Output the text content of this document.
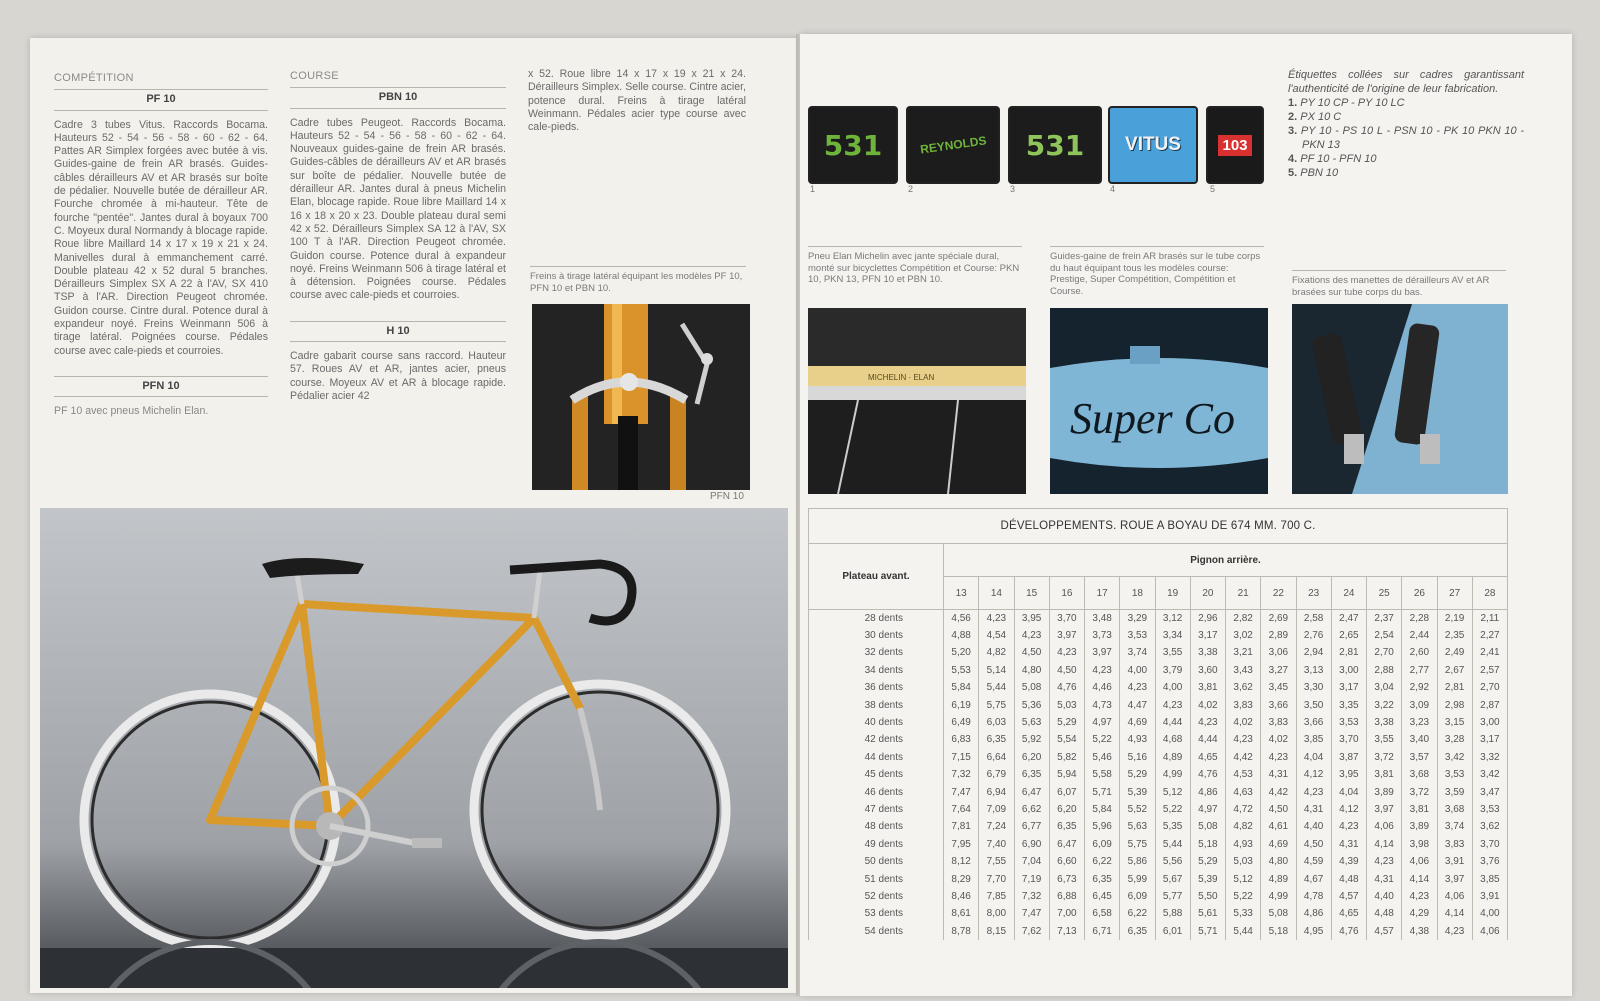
COMPÉTITION
PF 10
Cadre 3 tubes Vitus. Raccords Bocama. Hauteurs 52 - 54 - 56 - 58 - 60 - 62 - 64. Pattes AR Simplex forgées avec butée à vis. Guides-gaine de frein AR brasés. Guides-câbles dérailleurs AV et AR brasés sur boîte de pédalier. Nouvelle butée de dérailleur AR. Fourche chromée à mi-hauteur. Tête de fourche "pentée". Jantes dural à boyaux 700 C. Moyeux dural Normandy à blocage rapide. Roue libre Maillard 14 x 17 x 19 x 21 x 24. Manivelles dural à emmanchement carré. Double plateau 42 x 52 dural 5 branches. Dérailleurs Simplex SX A 22 à l'AV, SX 410 TSP à l'AR. Direction Peugeot chromée. Guidon course. Cintre dural. Potence dural à expandeur noyé. Freins Weinmann 506 à tirage latéral. Poignées course. Pédales course avec cale-pieds et courroies.
PFN 10
PF 10 avec pneus Michelin Elan.
COURSE
PBN 10
Cadre tubes Peugeot. Raccords Bocama. Hauteurs 52 - 54 - 56 - 58 - 60 - 62 - 64. Nouveaux guides-gaine de frein AR brasés. Guides-câbles de dérailleurs AV et AR brasés sur boîte de pédalier. Nouvelle butée de dérailleur AR. Jantes dural à pneus Michelin Elan, blocage rapide. Roue libre Maillard 14 x 16 x 18 x 20 x 23. Double plateau dural semi 42 x 52. Dérailleurs Simplex SA 12 à l'AV, SX 100 T à l'AR. Direction Peugeot chromée. Guidon course. Potence dural à expandeur noyé. Freins Weinmann 506 à tirage latéral et à détension. Poignées course. Pédales course avec cale-pieds et courroies.
H 10
Cadre gabarit course sans raccord. Hauteur 57. Roues AV et AR, jantes acier, pneus course. Moyeux AV et AR à blocage rapide. Pédalier acier 42
x 52. Roue libre 14 x 17 x 19 x 21 x 24. Dérailleurs Simplex. Selle course. Cintre acier, potence dural. Freins à tirage latéral Weinmann. Pédales acier type course avec cale-pieds.
Freins à tirage latéral équipant les modèles PF 10, PFN 10 et PBN 10.
PFN 10
531
1
REYNOLDS
2
531
3
VITUS
4
103
5
Étiquettes collées sur cadres garantissant l'authenticité de l'origine de leur fabrication.
1. PY 10 CP - PY 10 LC
2. PX 10 C
3. PY 10 - PS 10 L - PSN 10 - PK 10 PKN 10 - PKN 13
4. PF 10 - PFN 10
5. PBN 10
Pneu Elan Michelin avec jante spéciale dural, monté sur bicyclettes Compétition et Course: PKN 10, PKN 13, PFN 10 et PBN 10.
Guides-gaine de frein AR brasés sur le tube corps du haut équipant tous les modèles course: Prestige, Super Compétition, Compétition et Course.
Fixations des manettes de dérailleurs AV et AR brasées sur tube corps du bas.
MICHELIN · ELAN
Super Co
DÉVELOPPEMENTS. ROUE A BOYAU DE 674 MM. 700 C.																
Plateau avant.	Pignon arrière.															
	13	14	15	16	17	18	19	20	21	22	23	24	25	26	27	28
28 dents	4,56	4,23	3,95	3,70	3,48	3,29	3,12	2,96	2,82	2,69	2,58	2,47	2,37	2,28	2,19	2,11
30 dents	4,88	4,54	4,23	3,97	3,73	3,53	3,34	3,17	3,02	2,89	2,76	2,65	2,54	2,44	2,35	2,27
32 dents	5,20	4,82	4,50	4,23	3,97	3,74	3,55	3,38	3,21	3,06	2,94	2,81	2,70	2,60	2,49	2,41
34 dents	5,53	5,14	4,80	4,50	4,23	4,00	3,79	3,60	3,43	3,27	3,13	3,00	2,88	2,77	2,67	2,57
36 dents	5,84	5,44	5,08	4,76	4,46	4,23	4,00	3,81	3,62	3,45	3,30	3,17	3,04	2,92	2,81	2,70
38 dents	6,19	5,75	5,36	5,03	4,73	4,47	4,23	4,02	3,83	3,66	3,50	3,35	3,22	3,09	2,98	2,87
40 dents	6,49	6,03	5,63	5,29	4,97	4,69	4,44	4,23	4,02	3,83	3,66	3,53	3,38	3,23	3,15	3,00
42 dents	6,83	6,35	5,92	5,54	5,22	4,93	4,68	4,44	4,23	4,02	3,85	3,70	3,55	3,40	3,28	3,17
44 dents	7,15	6,64	6,20	5,82	5,46	5,16	4,89	4,65	4,42	4,23	4,04	3,87	3,72	3,57	3,42	3,32
45 dents	7,32	6,79	6,35	5,94	5,58	5,29	4,99	4,76	4,53	4,31	4,12	3,95	3,81	3,68	3,53	3,42
46 dents	7,47	6,94	6,47	6,07	5,71	5,39	5,12	4,86	4,63	4,42	4,23	4,04	3,89	3,72	3,59	3,47
47 dents	7,64	7,09	6,62	6,20	5,84	5,52	5,22	4,97	4,72	4,50	4,31	4,12	3,97	3,81	3,68	3,53
48 dents	7,81	7,24	6,77	6,35	5,96	5,63	5,35	5,08	4,82	4,61	4,40	4,23	4,06	3,89	3,74	3,62
49 dents	7,95	7,40	6,90	6,47	6,09	5,75	5,44	5,18	4,93	4,69	4,50	4,31	4,14	3,98	3,83	3,70
50 dents	8,12	7,55	7,04	6,60	6,22	5,86	5,56	5,29	5,03	4,80	4,59	4,39	4,23	4,06	3,91	3,76
51 dents	8,29	7,70	7,19	6,73	6,35	5,99	5,67	5,39	5,12	4,89	4,67	4,48	4,31	4,14	3,97	3,85
52 dents	8,46	7,85	7,32	6,88	6,45	6,09	5,77	5,50	5,22	4,99	4,78	4,57	4,40	4,23	4,06	3,91
53 dents	8,61	8,00	7,47	7,00	6,58	6,22	5,88	5,61	5,33	5,08	4,86	4,65	4,48	4,29	4,14	4,00
54 dents	8,78	8,15	7,62	7,13	6,71	6,35	6,01	5,71	5,44	5,18	4,95	4,76	4,57	4,38	4,23	4,06
